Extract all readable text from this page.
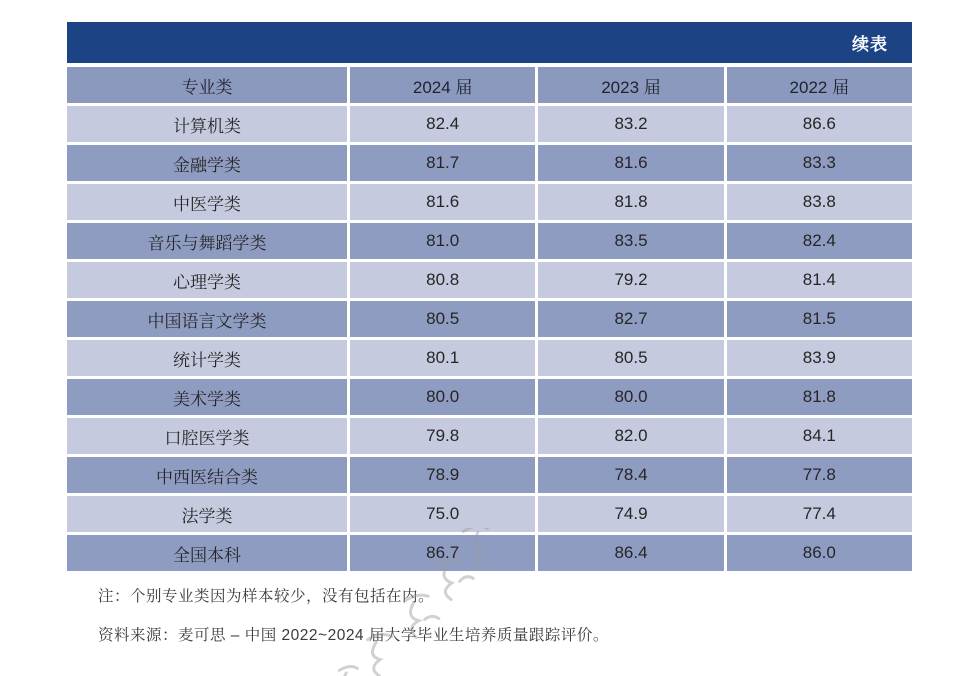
续表
专业类	2024 届	2023 届	2022 届
计算机类	82.4	83.2	86.6
金融学类	81.7	81.6	83.3
中医学类	81.6	81.8	83.8
音乐与舞蹈学类	81.0	83.5	82.4
心理学类	80.8	79.2	81.4
中国语言文学类	80.5	82.7	81.5
统计学类	80.1	80.5	83.9
美术学类	80.0	80.0	81.8
口腔医学类	79.8	82.0	84.1
中西医结合类	78.9	78.4	77.8
法学类	75.0	74.9	77.4
全国本科	86.7	86.4	86.0
注：个别专业类因为样本较少，没有包括在内。
资料来源：麦可思 – 中国 2022~2024 届大学毕业生培养质量跟踪评价。
